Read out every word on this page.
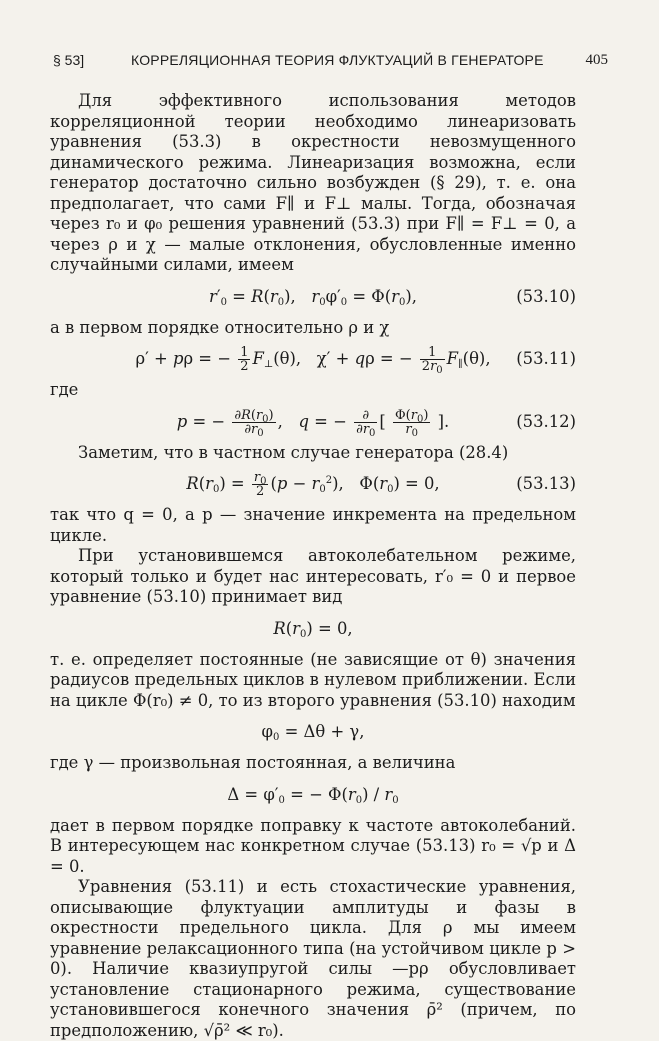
§ 53]	КОРРЕЛЯЦИОННАЯ ТЕОРИЯ ФЛУКТУАЦИЙ В ГЕНЕРАТОРЕ	405

Для эффективного использования методов корреляционной теории необходимо линеаризовать уравнения (53.3) в окрестности невозмущенного динамического режима. Линеаризация возможна, если генератор достаточно сильно возбужден (§ 29), т. е. она предполагает, что сами F∥ и F⊥ малы. Тогда, обозначая через r₀ и φ₀ решения уравнений (53.3) при F∥ = F⊥ = 0, а через ρ и χ — малые отклонения, обусловленные именно случайными силами, имеем

$r'_0 = R(r_0)$,   $r_0\varphi'_0 = \Phi(r_0)$,	(53.10)

а в первом порядке относительно ρ и χ

ρ′ + pρ = − $\frac{1}{2} F_\perp(\theta)$,   χ′ + qρ = − $\frac{1}{2r_0} F_\parallel(\theta)$,	(53.11)

где

p = − $\frac{\partial R(r_0)}{\partial r_0}$ ,   q = − $\frac{\partial}{\partial r_0}$ [ $\frac{\Phi(r_0)}{r_0}$ ].	(53.12)

Заметим, что в частном случае генератора (28.4)

$R(r_0) = \frac{r_0}{2} (p - r_0^2)$,   $\Phi(r_0) = 0$,	(53.13)

так что q = 0, а p — значение инкремента на предельном цикле.

При установившемся автоколебательном режиме, который только и будет нас интересовать, r′₀ = 0 и первое уравнение (53.10) принимает вид

$R(r_0) = 0$,

т. е. определяет постоянные (не зависящие от θ) значения радиусов предельных циклов в нулевом приближении. Если на цикле Φ(r₀) ≠ 0, то из второго уравнения (53.10) находим

$\varphi_0 = \Delta\theta + \gamma$,

где γ — произвольная постоянная, а величина

$\Delta = \varphi'_0$ = − $\Phi(r_0) / r_0$

дает в первом порядке поправку к частоте автоколебаний. В интересующем нас конкретном случае (53.13) r₀ = √p и Δ = 0.

Уравнения (53.11) и есть стохастические уравнения, описывающие флуктуации амплитуды и фазы в окрестности предельного цикла. Для ρ мы имеем уравнение релаксационного типа (на устойчивом цикле p > 0). Наличие квазиупругой силы —pρ обусловливает установление стационарного режима, существование установившегося конечного значения ρ̄² (причем, по предположению, √ρ̄² ≪ r₀).
